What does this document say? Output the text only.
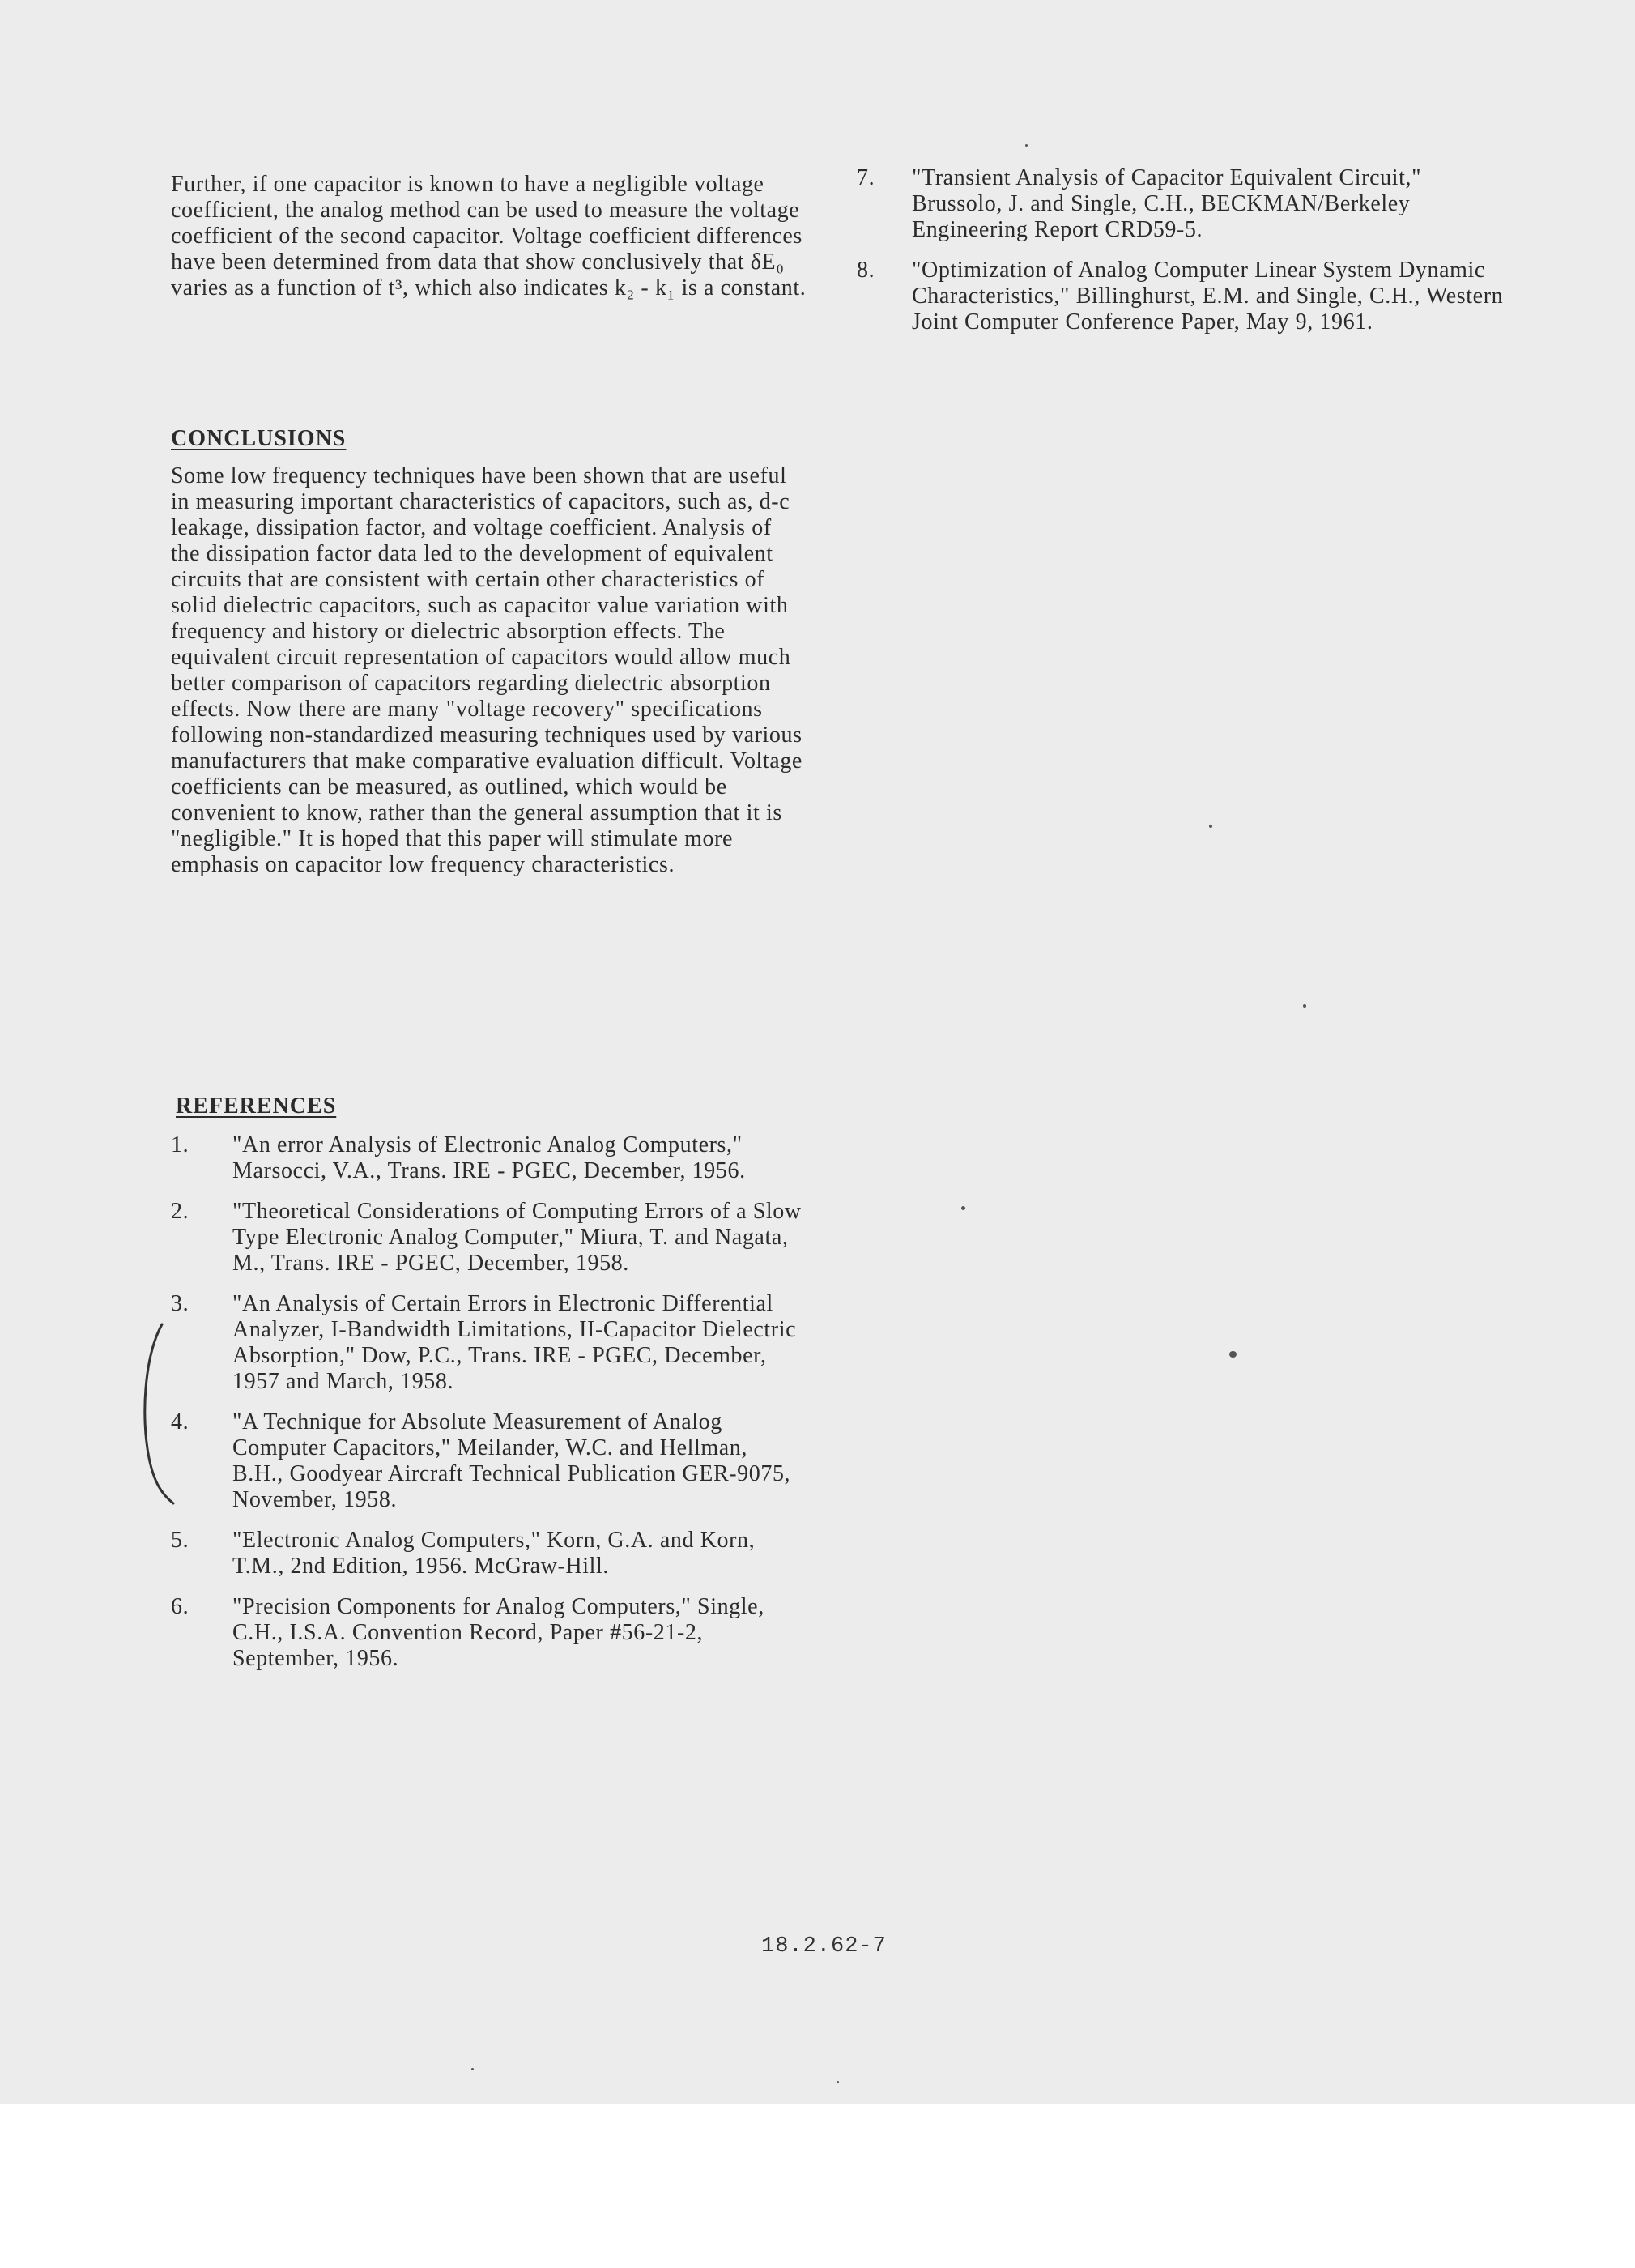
Further, if one capacitor is known to have a negligible voltage coefficient, the analog method can be used to measure the voltage coefficient of the second capacitor. Voltage coefficient differences have been determined from data that show conclusively that δE₀ varies as a function of t³, which also indicates k₂ - k₁ is a constant.

CONCLUSIONS

Some low frequency techniques have been shown that are useful in measuring important characteristics of capacitors, such as, d-c leakage, dissipation factor, and voltage coefficient. Analysis of the dissipation factor data led to the development of equivalent circuits that are consistent with certain other characteristics of solid dielectric capacitors, such as capacitor value variation with frequency and history or dielectric absorption effects. The equivalent circuit representation of capacitors would allow much better comparison of capacitors regarding dielectric absorption effects. Now there are many "voltage recovery" specifications following non-standardized measuring techniques used by various manufacturers that make comparative evaluation difficult. Voltage coefficients can be measured, as outlined, which would be convenient to know, rather than the general assumption that it is "negligible." It is hoped that this paper will stimulate more emphasis on capacitor low frequency characteristics.

REFERENCES
1.	"An error Analysis of Electronic Analog Computers," Marsocci, V.A., Trans. IRE - PGEC, December, 1956.
2.	"Theoretical Considerations of Computing Errors of a Slow Type Electronic Analog Computer," Miura, T. and Nagata, M., Trans. IRE - PGEC, December, 1958.
3.	"An Analysis of Certain Errors in Electronic Differential Analyzer, I-Bandwidth Limitations, II-Capacitor Dielectric Absorption," Dow, P.C., Trans. IRE - PGEC, December, 1957 and March, 1958.
4.	"A Technique for Absolute Measurement of Analog Computer Capacitors," Meilander, W.C. and Hellman, B.H., Goodyear Aircraft Technical Publication GER-9075, November, 1958.
5.	"Electronic Analog Computers," Korn, G.A. and Korn, T.M., 2nd Edition, 1956. McGraw-Hill.
6.	"Precision Components for Analog Computers," Single, C.H., I.S.A. Convention Record, Paper #56-21-2, September, 1956.
7.	"Transient Analysis of Capacitor Equivalent Circuit," Brussolo, J. and Single, C.H., BECKMAN/Berkeley Engineering Report CRD59-5.
8.	"Optimization of Analog Computer Linear System Dynamic Characteristics," Billinghurst, E.M. and Single, C.H., Western Joint Computer Conference Paper, May 9, 1961.
18.2.62-7
